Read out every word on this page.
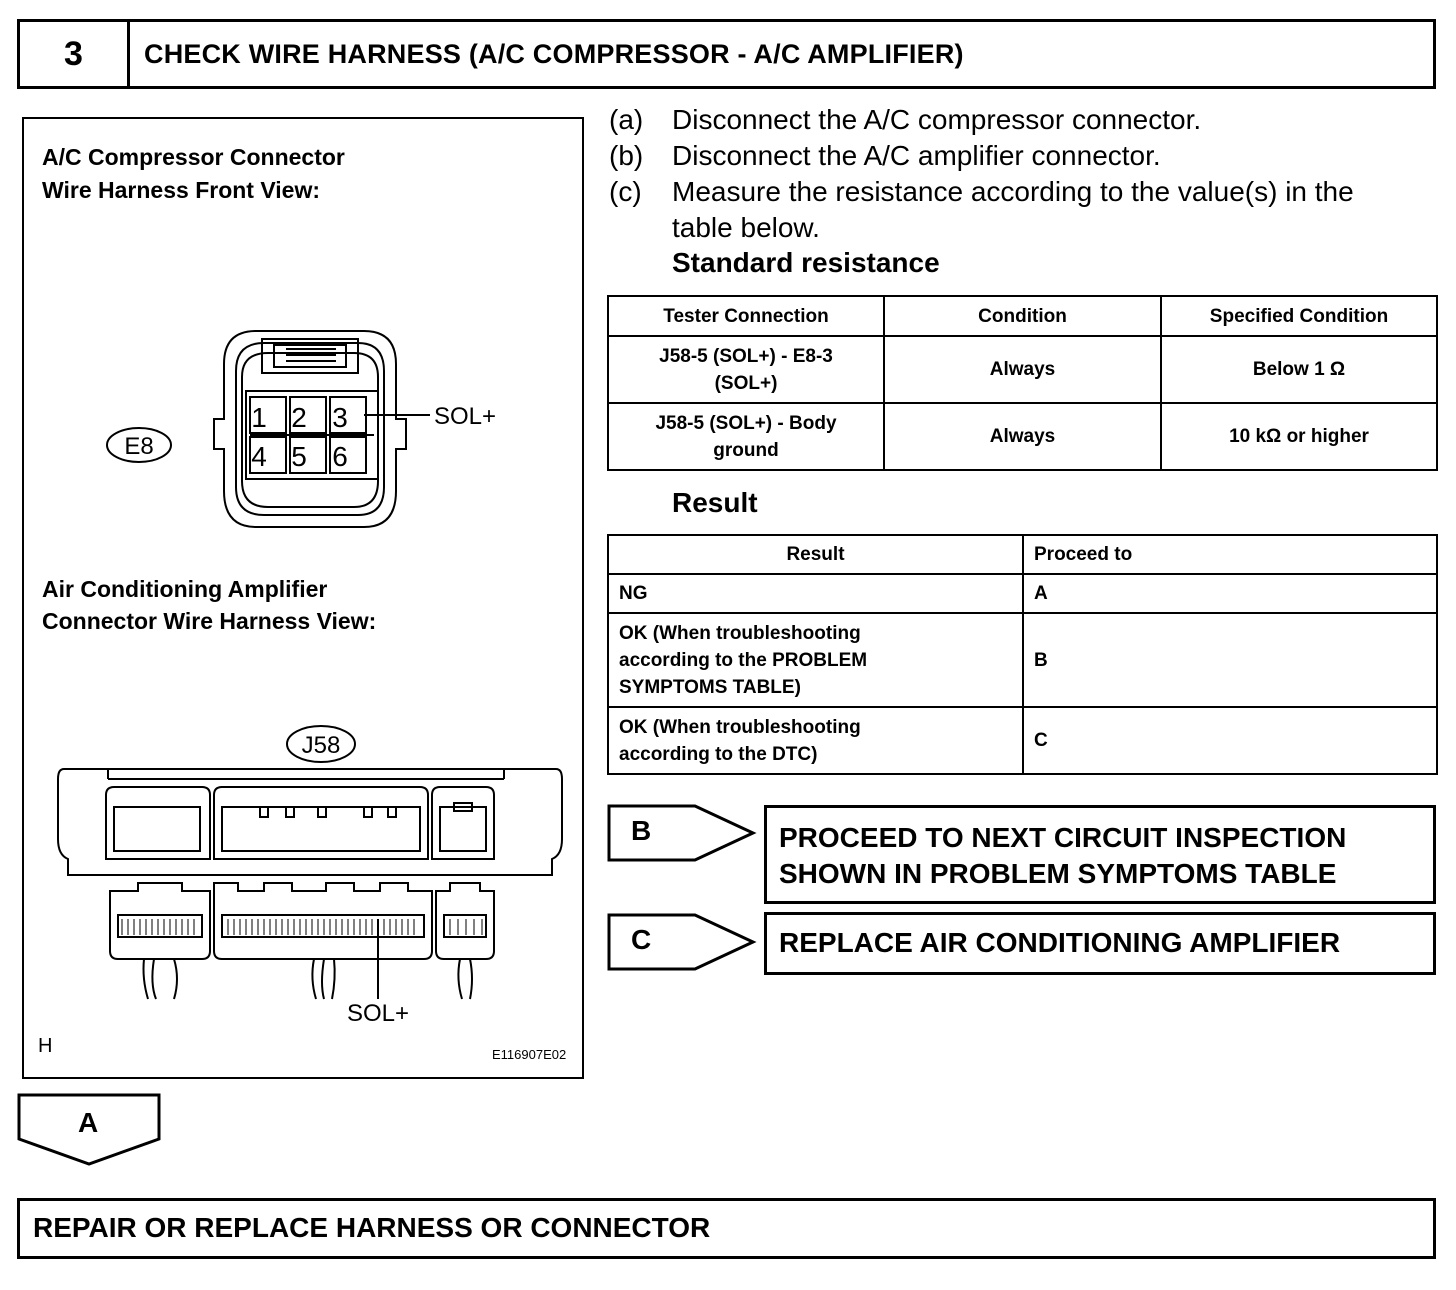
3	CHECK WIRE HARNESS (A/C COMPRESSOR - A/C AMPLIFIER)
A/C Compressor Connector
Wire Harness Front View:
Air Conditioning Amplifier
Connector Wire Harness View:
1 2 3
4 5 6
SOL+
E8
J58
SOL+
H	E116907E02
(a) Disconnect the A/C compressor connector.
(b) Disconnect the A/C amplifier connector.
(c) Measure the resistance according to the value(s) in the
table below.
Standard resistance
Tester Connection	Condition	Specified Condition

J58-5 (SOL+) - E8-3
(SOL+)	Always	Below 1 Ω

J58-5 (SOL+) - Body
ground	Always	10 kΩ or higher
Result
Result	Proceed to

NG	A

OK (When troubleshooting
according to the PROBLEM
SYMPTOMS TABLE)	B

OK (When troubleshooting
according to the DTC)	C
B	PROCEED TO NEXT CIRCUIT INSPECTION
SHOWN IN PROBLEM SYMPTOMS TABLE
C	REPLACE AIR CONDITIONING AMPLIFIER
A
REPAIR OR REPLACE HARNESS OR CONNECTOR
